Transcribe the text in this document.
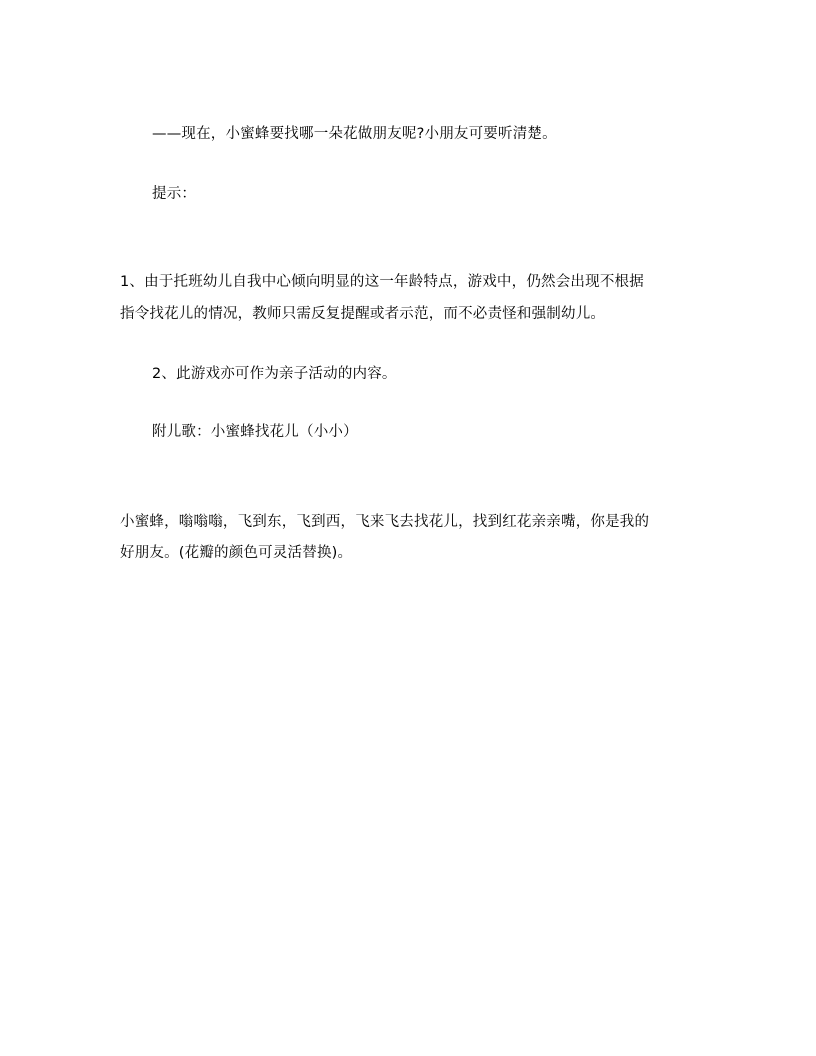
——现在，小蜜蜂要找哪一朵花做朋友呢?小朋友可要听清楚。
提示：
1、由于托班幼儿自我中心倾向明显的这一年龄特点，游戏中，仍然会出现不根据
指令找花儿的情况，教师只需反复提醒或者示范，而不必责怪和强制幼儿。
2、此游戏亦可作为亲子活动的内容。
附儿歌：小蜜蜂找花儿（小小）
小蜜蜂，嗡嗡嗡，飞到东，飞到西，飞来飞去找花儿，找到红花亲亲嘴，你是我的
好朋友。(花瓣的颜色可灵活替换)。
